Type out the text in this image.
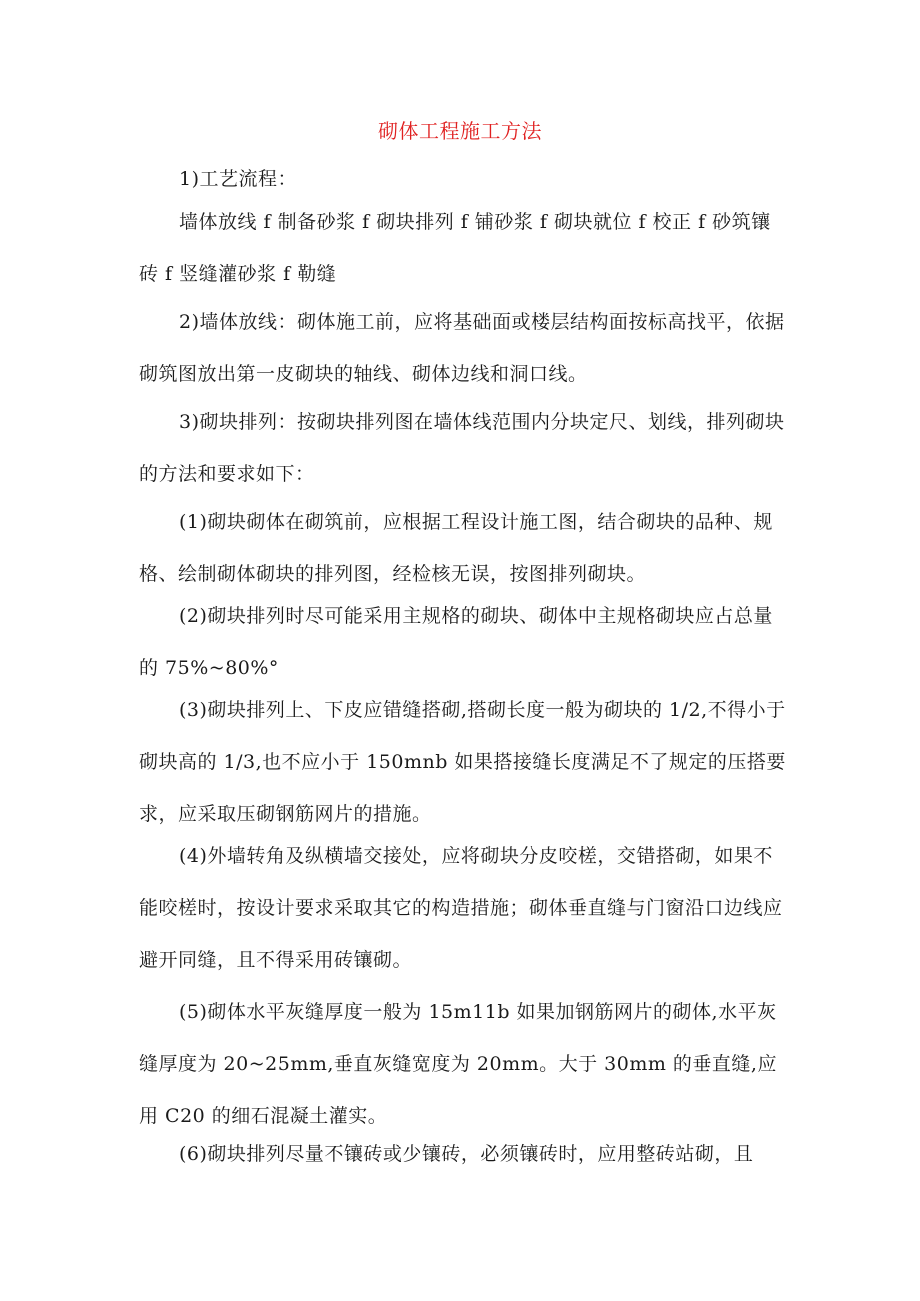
砌体工程施工方法

1)工艺流程：

墙体放线 f 制备砂浆 f 砌块排列 f 铺砂浆 f 砌块就位 f 校正 f 砂筑镶砖 f 竖缝灌砂浆 f 勒缝

2)墙体放线：砌体施工前，应将基础面或楼层结构面按标高找平，依据砌筑图放出第一皮砌块的轴线、砌体边线和洞口线。

3)砌块排列：按砌块排列图在墙体线范围内分块定尺、划线，排列砌块的方法和要求如下：

(1)砌块砌体在砌筑前，应根据工程设计施工图，结合砌块的品种、规格、绘制砌体砌块的排列图，经检核无误，按图排列砌块。

(2)砌块排列时尽可能采用主规格的砌块、砌体中主规格砌块应占总量的 75%~80%°

(3)砌块排列上、下皮应错缝搭砌,搭砌长度一般为砌块的 1/2,不得小于砌块高的 1/3,也不应小于 150mnb 如果搭接缝长度满足不了规定的压搭要求，应采取压砌钢筋网片的措施。

(4)外墙转角及纵横墙交接处，应将砌块分皮咬槎，交错搭砌，如果不能咬槎时，按设计要求采取其它的构造措施；砌体垂直缝与门窗沿口边线应避开同缝，且不得采用砖镶砌。

(5)砌体水平灰缝厚度一般为 15m11b 如果加钢筋网片的砌体,水平灰缝厚度为 20~25mm,垂直灰缝宽度为 20mm。大于 30mm 的垂直缝,应用 C20 的细石混凝土灌实。

(6)砌块排列尽量不镶砖或少镶砖，必须镶砖时，应用整砖站砌，且
